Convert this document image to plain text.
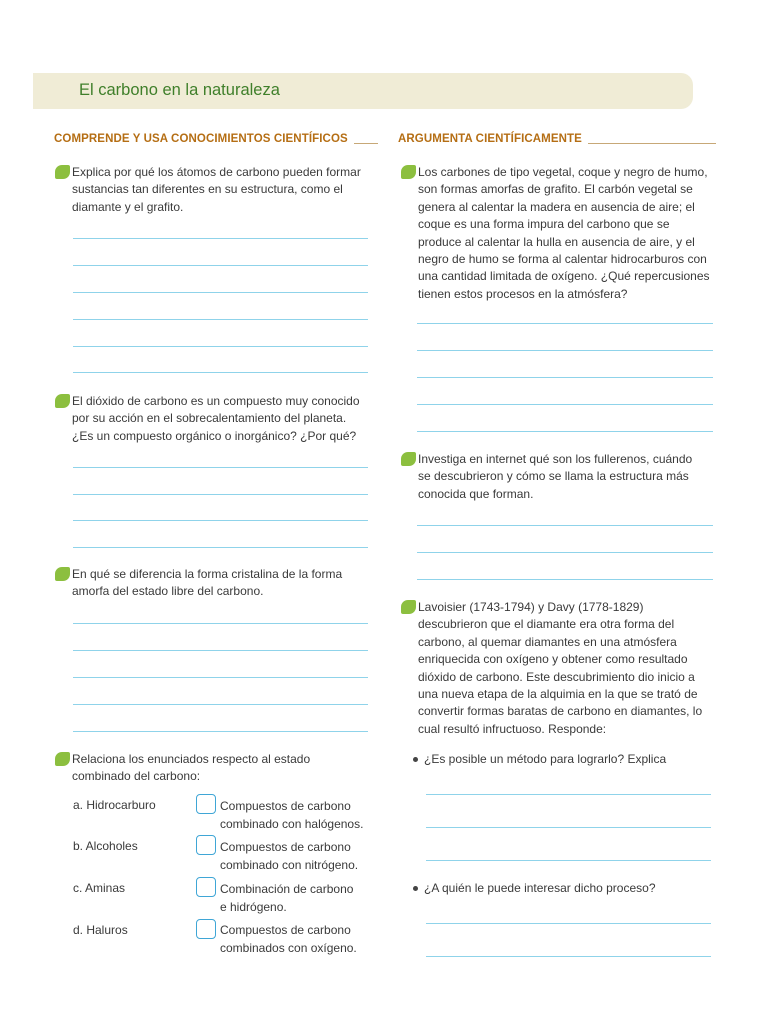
El carbono en la naturaleza
COMPRENDE Y USA CONOCIMIENTOS CIENTÍFICOS	ARGUMENTA CIENTÍFICAMENTE
Explica por qué los átomos de carbono pueden formar sustancias tan diferentes en su estructura, como el diamante y el grafito.
El dióxido de carbono es un compuesto muy conocido por su acción en el sobrecalentamiento del planeta. ¿Es un compuesto orgánico o inorgánico? ¿Por qué?
En qué se diferencia la forma cristalina de la forma amorfa del estado libre del carbono.
Relaciona los enunciados respecto al estado combinado del carbono:
a. Hidrocarburo
b. Alcoholes
c. Aminas
d. Haluros
Compuestos de carbono combinado con halógenos.
Compuestos de carbono combinado con nitrógeno.
Combinación de carbono e hidrógeno.
Compuestos de carbono combinados con oxígeno.
Los carbones de tipo vegetal, coque y negro de humo, son formas amorfas de grafito. El carbón vegetal se genera al calentar la madera en ausencia de aire; el coque es una forma impura del carbono que se produce al calentar la hulla en ausencia de aire, y el negro de humo se forma al calentar hidrocarburos con una cantidad limitada de oxígeno. ¿Qué repercusiones tienen estos procesos en la atmósfera?
Investiga en internet qué son los fullerenos, cuándo se descubrieron y cómo se llama la estructura más conocida que forman.
Lavoisier (1743-1794) y Davy (1778-1829) descubrieron que el diamante era otra forma del carbono, al quemar diamantes en una atmósfera enriquecida con oxígeno y obtener como resultado dióxido de carbono. Este descubrimiento dio inicio a una nueva etapa de la alquimia en la que se trató de convertir formas baratas de carbono en diamantes, lo cual resultó infructuoso. Responde:
¿Es posible un método para lograrlo? Explica
¿A quién le puede interesar dicho proceso?
